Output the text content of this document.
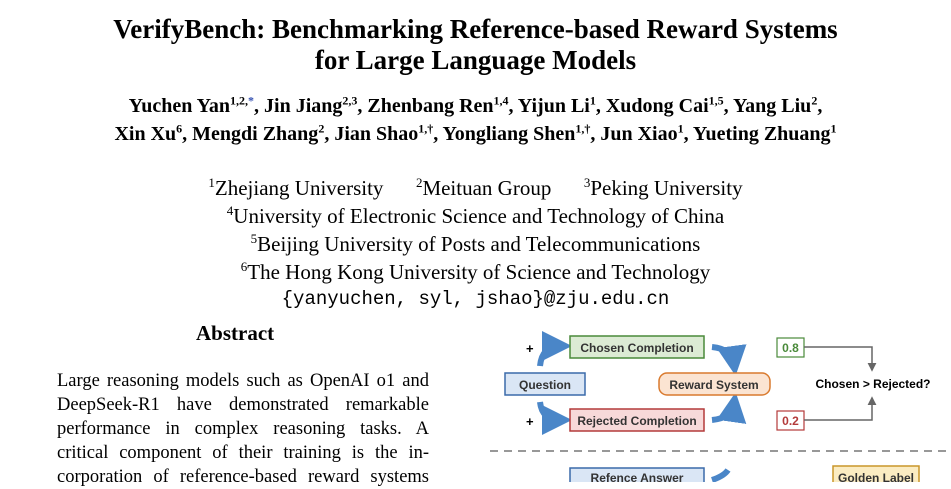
VerifyBench: Benchmarking Reference-based Reward Systems
for Large Language Models
Yuchen Yan$^{1,2,*}$, Jin Jiang$^{2,3}$, Zhenbang Ren$^{1,4}$, Yijun Li$^1$, Xudong Cai$^{1,5}$, Yang Liu$^2$,
Xin Xu$^6$, Mengdi Zhang$^2$, Jian Shao$^{1,\dagger}$, Yongliang Shen$^{1,\dagger}$, Jun Xiao$^1$, Yueting Zhuang$^1$
$^1$Zhejiang University	$^2$Meituan Group	$^3$Peking University
$^4$University of Electronic Science and Technology of China
$^5$Beijing University of Posts and Telecommunications
$^6$The Hong Kong University of Science and Technology
{yanyuchen, syl, jshao}@zju.edu.cn
Abstract
Large reasoning models such as OpenAI o1 and
DeepSeek-R1 have demonstrated remarkable
performance in complex reasoning tasks. A
critical component of their training is the in-
corporation of reference-based reward systems
+
+
Chosen Completion
Question	Reward System
Rejected Completion
0.8
0.2
Chosen > Rejected?
Refence Answer	Golden Label
